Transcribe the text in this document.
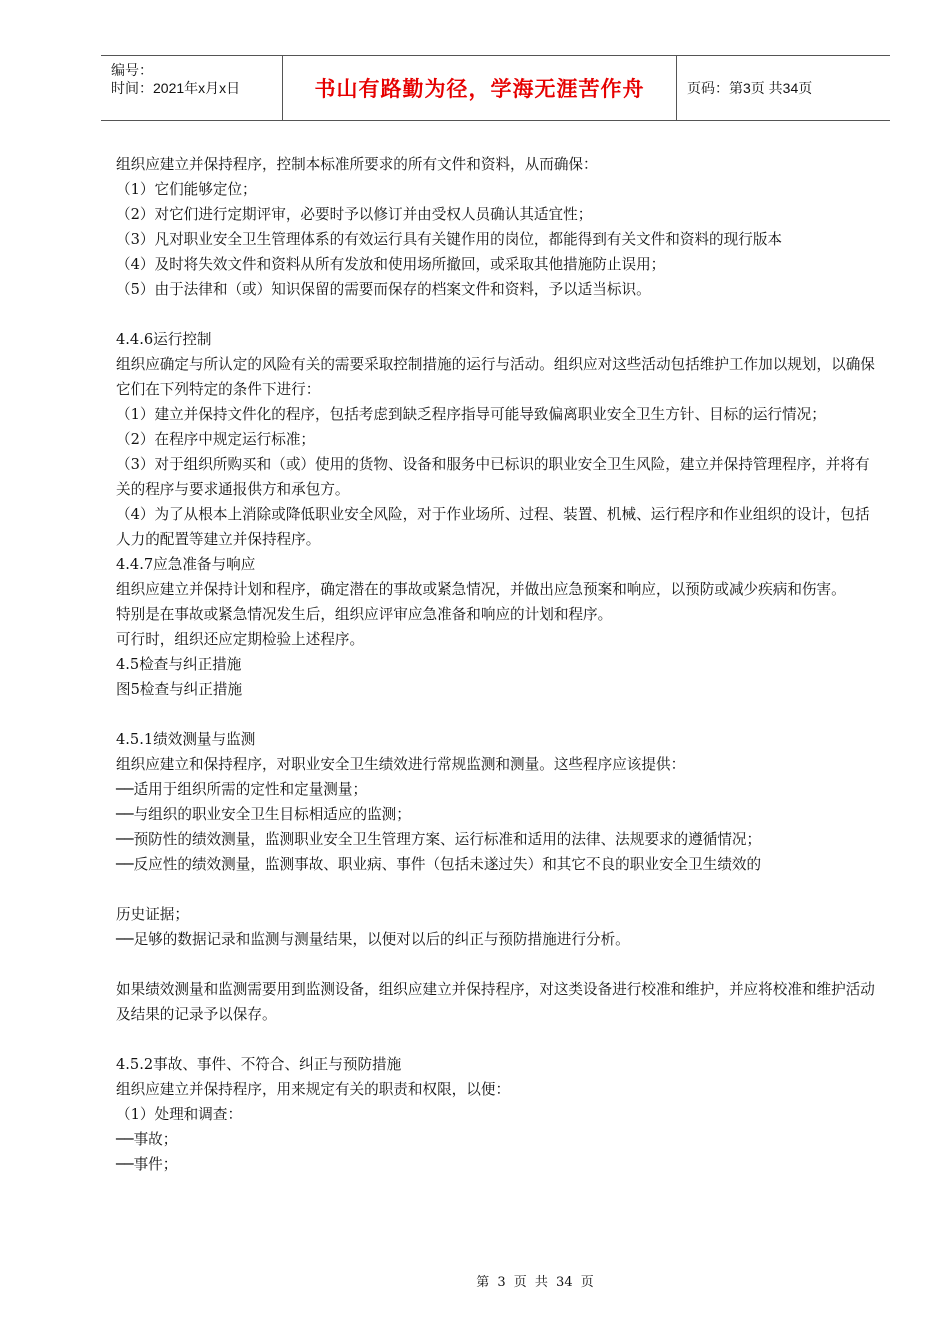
编号：
时间：2021年x月x日	书山有路勤为径，学海无涯苦作舟	页码：第3页 共34页

组织应建立并保持程序，控制本标准所要求的所有文件和资料，从而确保：

（1）它们能够定位；

（2）对它们进行定期评审，必要时予以修订并由受权人员确认其适宜性；

（3）凡对职业安全卫生管理体系的有效运行具有关键作用的岗位，都能得到有关文件和资料的现行版本

（4）及时将失效文件和资料从所有发放和使用场所撤回，或采取其他措施防止误用；

（5）由于法律和（或）知识保留的需要而保存的档案文件和资料，予以适当标识。

4.4.6运行控制

组织应确定与所认定的风险有关的需要采取控制措施的运行与活动。组织应对这些活动包括维护工作加以规划，以确保它们在下列特定的条件下进行：

（1）建立并保持文件化的程序，包括考虑到缺乏程序指导可能导致偏离职业安全卫生方针、目标的运行情况；

（2）在程序中规定运行标准；

（3）对于组织所购买和（或）使用的货物、设备和服务中已标识的职业安全卫生风险，建立并保持管理程序，并将有关的程序与要求通报供方和承包方。

（4）为了从根本上消除或降低职业安全风险，对于作业场所、过程、装置、机械、运行程序和作业组织的设计，包括人力的配置等建立并保持程序。

4.4.7应急准备与响应

组织应建立并保持计划和程序，确定潜在的事故或紧急情况，并做出应急预案和响应，以预防或减少疾病和伤害。

特别是在事故或紧急情况发生后，组织应评审应急准备和响应的计划和程序。

可行时，组织还应定期检验上述程序。

4.5检查与纠正措施

图5检查与纠正措施

4.5.1绩效测量与监测

组织应建立和保持程序，对职业安全卫生绩效进行常规监测和测量。这些程序应该提供：

──适用于组织所需的定性和定量测量；

──与组织的职业安全卫生目标相适应的监测；

──预防性的绩效测量，监测职业安全卫生管理方案、运行标准和适用的法律、法规要求的遵循情况；

──反应性的绩效测量，监测事故、职业病、事件（包括未遂过失）和其它不良的职业安全卫生绩效的

历史证据；

──足够的数据记录和监测与测量结果，以便对以后的纠正与预防措施进行分析。

如果绩效测量和监测需要用到监测设备，组织应建立并保持程序，对这类设备进行校准和维护，并应将校准和维护活动及结果的记录予以保存。

4.5.2事故、事件、不符合、纠正与预防措施

组织应建立并保持程序，用来规定有关的职责和权限，以便：

（1）处理和调查：

──事故；

──事件；

第 3 页 共 34 页
